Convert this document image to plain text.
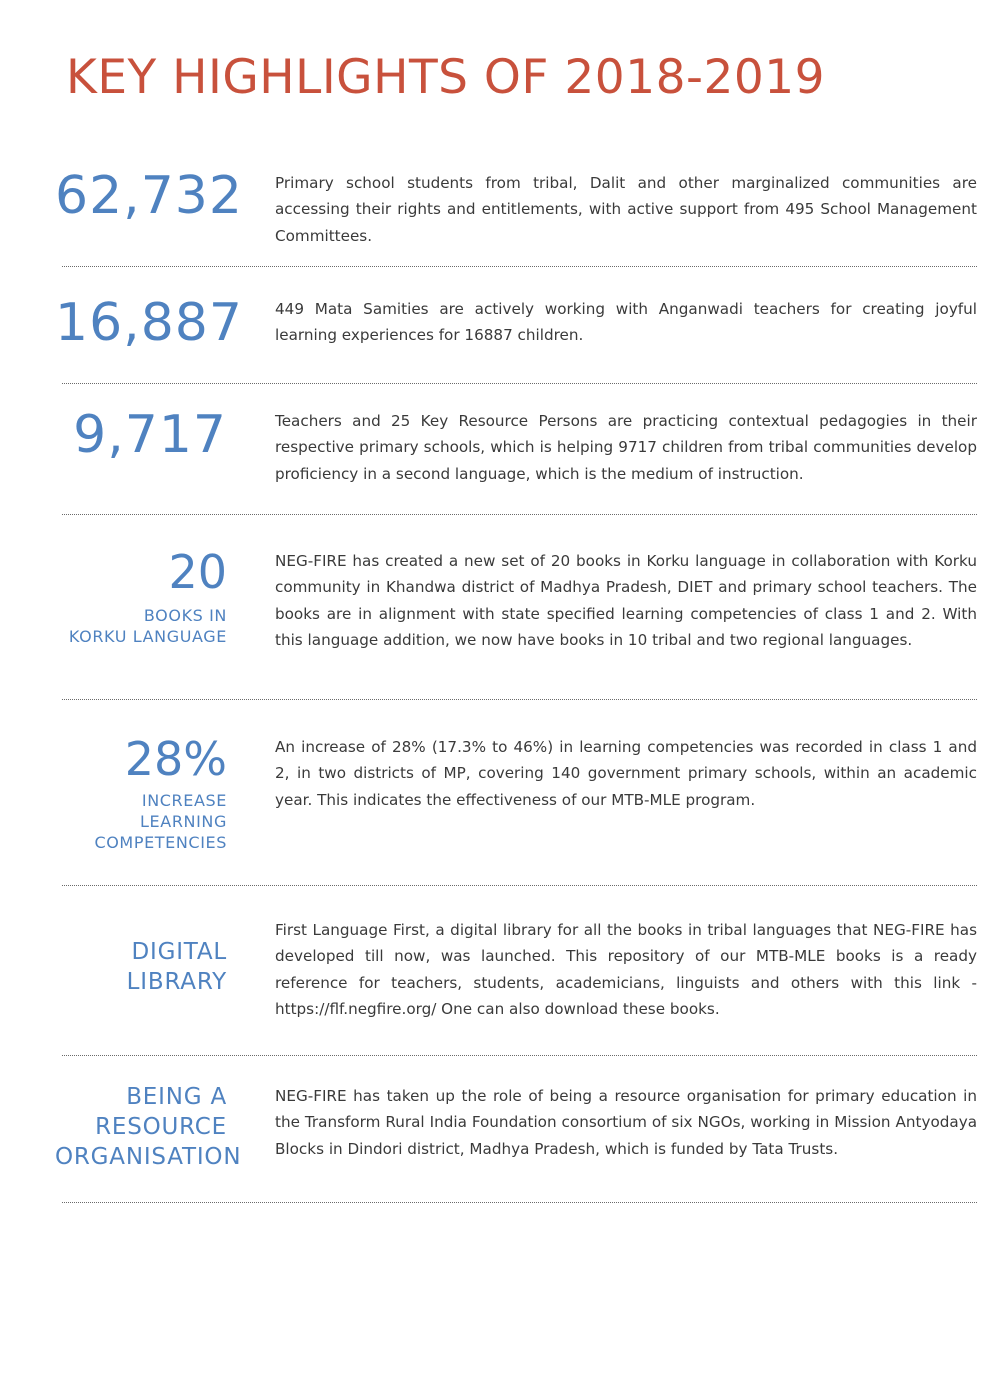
KEY HIGHLIGHTS OF 2018-2019
62,732 Primary school students from tribal, Dalit and other marginalized communities are accessing their rights and entitlements, with active support from 495 School Management Committees.

16,887 449 Mata Samities are actively working with Anganwadi teachers for creating joyful learning experiences for 16887 children.

9,717	Teachers and 25 Key Resource Persons are practicing contextual pedagogies in their respective primary schools, which is helping 9717 children from tribal communities develop proficiency in a second language, which is the medium of instruction.

20
BOOKS IN
KORKU LANGUAGE

NEG-FIRE has created a new set of 20 books in Korku language in collaboration with Korku community in Khandwa district of Madhya Pradesh, DIET and primary school teachers. The books are in alignment with state specified learning competencies of class 1 and 2. With this language addition, we now have books in 10 tribal and two regional languages.

28%
INCREASE
LEARNING
COMPETENCIES

An increase of 28% (17.3% to 46%) in learning competencies was recorded in class 1 and 2, in two districts of MP, covering 140 government primary schools, within an academic year. This indicates the effectiveness of our MTB-MLE program.

DIGITAL
LIBRARY

First Language First, a digital library for all the books in tribal languages that NEG-FIRE has developed till now, was launched. This repository of our MTB-MLE books is a ready reference for teachers, students, academicians, linguists and others with this link - https://flf.negfire.org/ One can also download these books.

BEING A
RESOURCE
ORGANISATION

NEG-FIRE has taken up the role of being a resource organisation for primary education in the Transform Rural India Foundation consortium of six NGOs, working in Mission Antyodaya Blocks in Dindori district, Madhya Pradesh, which is funded by Tata Trusts.
